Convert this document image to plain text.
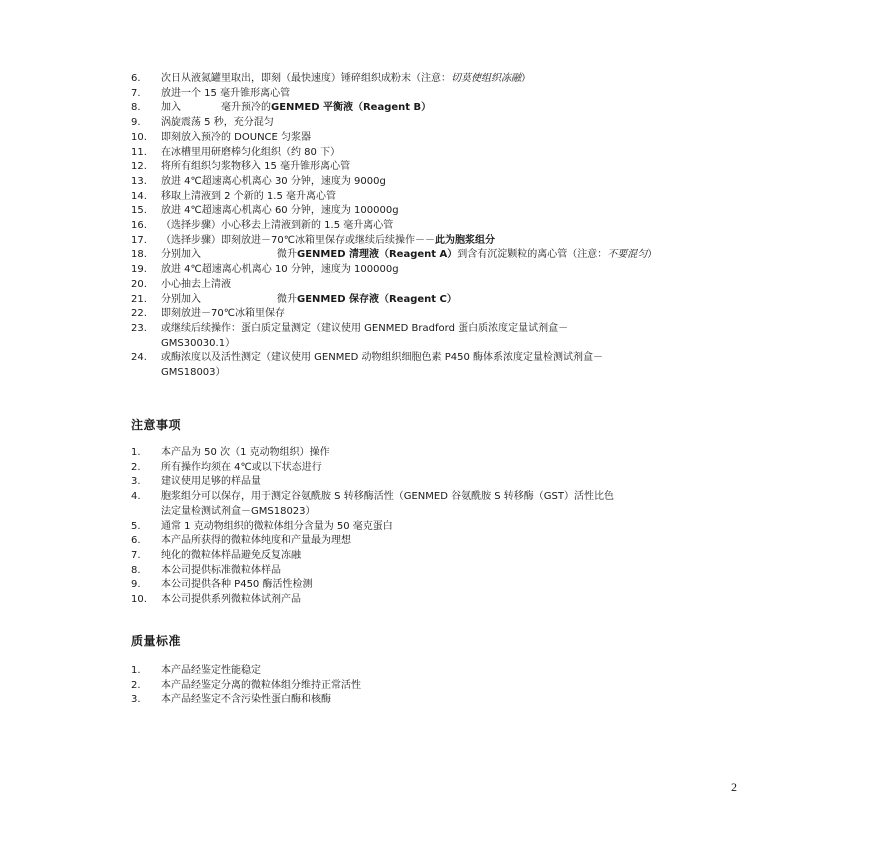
6.	次日从液氮罐里取出，即刻（最快速度）锤碎组织成粉末（注意：切莫使组织冻融）
7.	放进一个 15 毫升锥形离心管
8.	加入	毫升预冷的GENMED 平衡液（Reagent B）
9.	涡旋震荡 5 秒，充分混匀
10.	即刻放入预冷的 DOUNCE 匀浆器
11.	在冰槽里用研磨棒匀化组织（约 80 下）
12.	将所有组织匀浆物移入 15 毫升锥形离心管
13.	放进 4℃超速离心机离心 30 分钟，速度为 9000g
14.	移取上清液到 2 个新的 1.5 毫升离心管
15.	放进 4℃超速离心机离心 60 分钟，速度为 100000g
16.	（选择步骤）小心移去上清液到新的 1.5 毫升离心管
17.	（选择步骤）即刻放进－70℃冰箱里保存或继续后续操作－－此为胞浆组分
18.	分别加入	微升GENMED 清理液（Reagent A）到含有沉淀颗粒的离心管（注意：不要混匀）
19.	放进 4℃超速离心机离心 10 分钟，速度为 100000g
20.	小心抽去上清液
21.	分别加入	微升GENMED 保存液（Reagent C）
22.	即刻放进－70℃冰箱里保存
23.	或继续后续操作：蛋白质定量测定（建议使用 GENMED Bradford 蛋白质浓度定量试剂盒－
GMS30030.1）
24.	或酶浓度以及活性测定（建议使用 GENMED 动物组织细胞色素 P450 酶体系浓度定量检测试剂盒－
GMS18003）
注意事项
1.	本产品为 50 次（1 克动物组织）操作
2.	所有操作均须在 4℃或以下状态进行
3.	建议使用足够的样品量
4.	胞浆组分可以保存，用于测定谷氨酰胺 S 转移酶活性（GENMED 谷氨酰胺 S 转移酶（GST）活性比色
法定量检测试剂盒－GMS18023）
5.	通常 1 克动物组织的微粒体组分含量为 50 毫克蛋白
6.	本产品所获得的微粒体纯度和产量最为理想
7.	纯化的微粒体样品避免反复冻融
8.	本公司提供标准微粒体样品
9.	本公司提供各种 P450 酶活性检测
10.	本公司提供系列微粒体试剂产品
质量标准
1.	本产品经鉴定性能稳定
2.	本产品经鉴定分离的微粒体组分维持正常活性
3.	本产品经鉴定不含污染性蛋白酶和核酶
2
